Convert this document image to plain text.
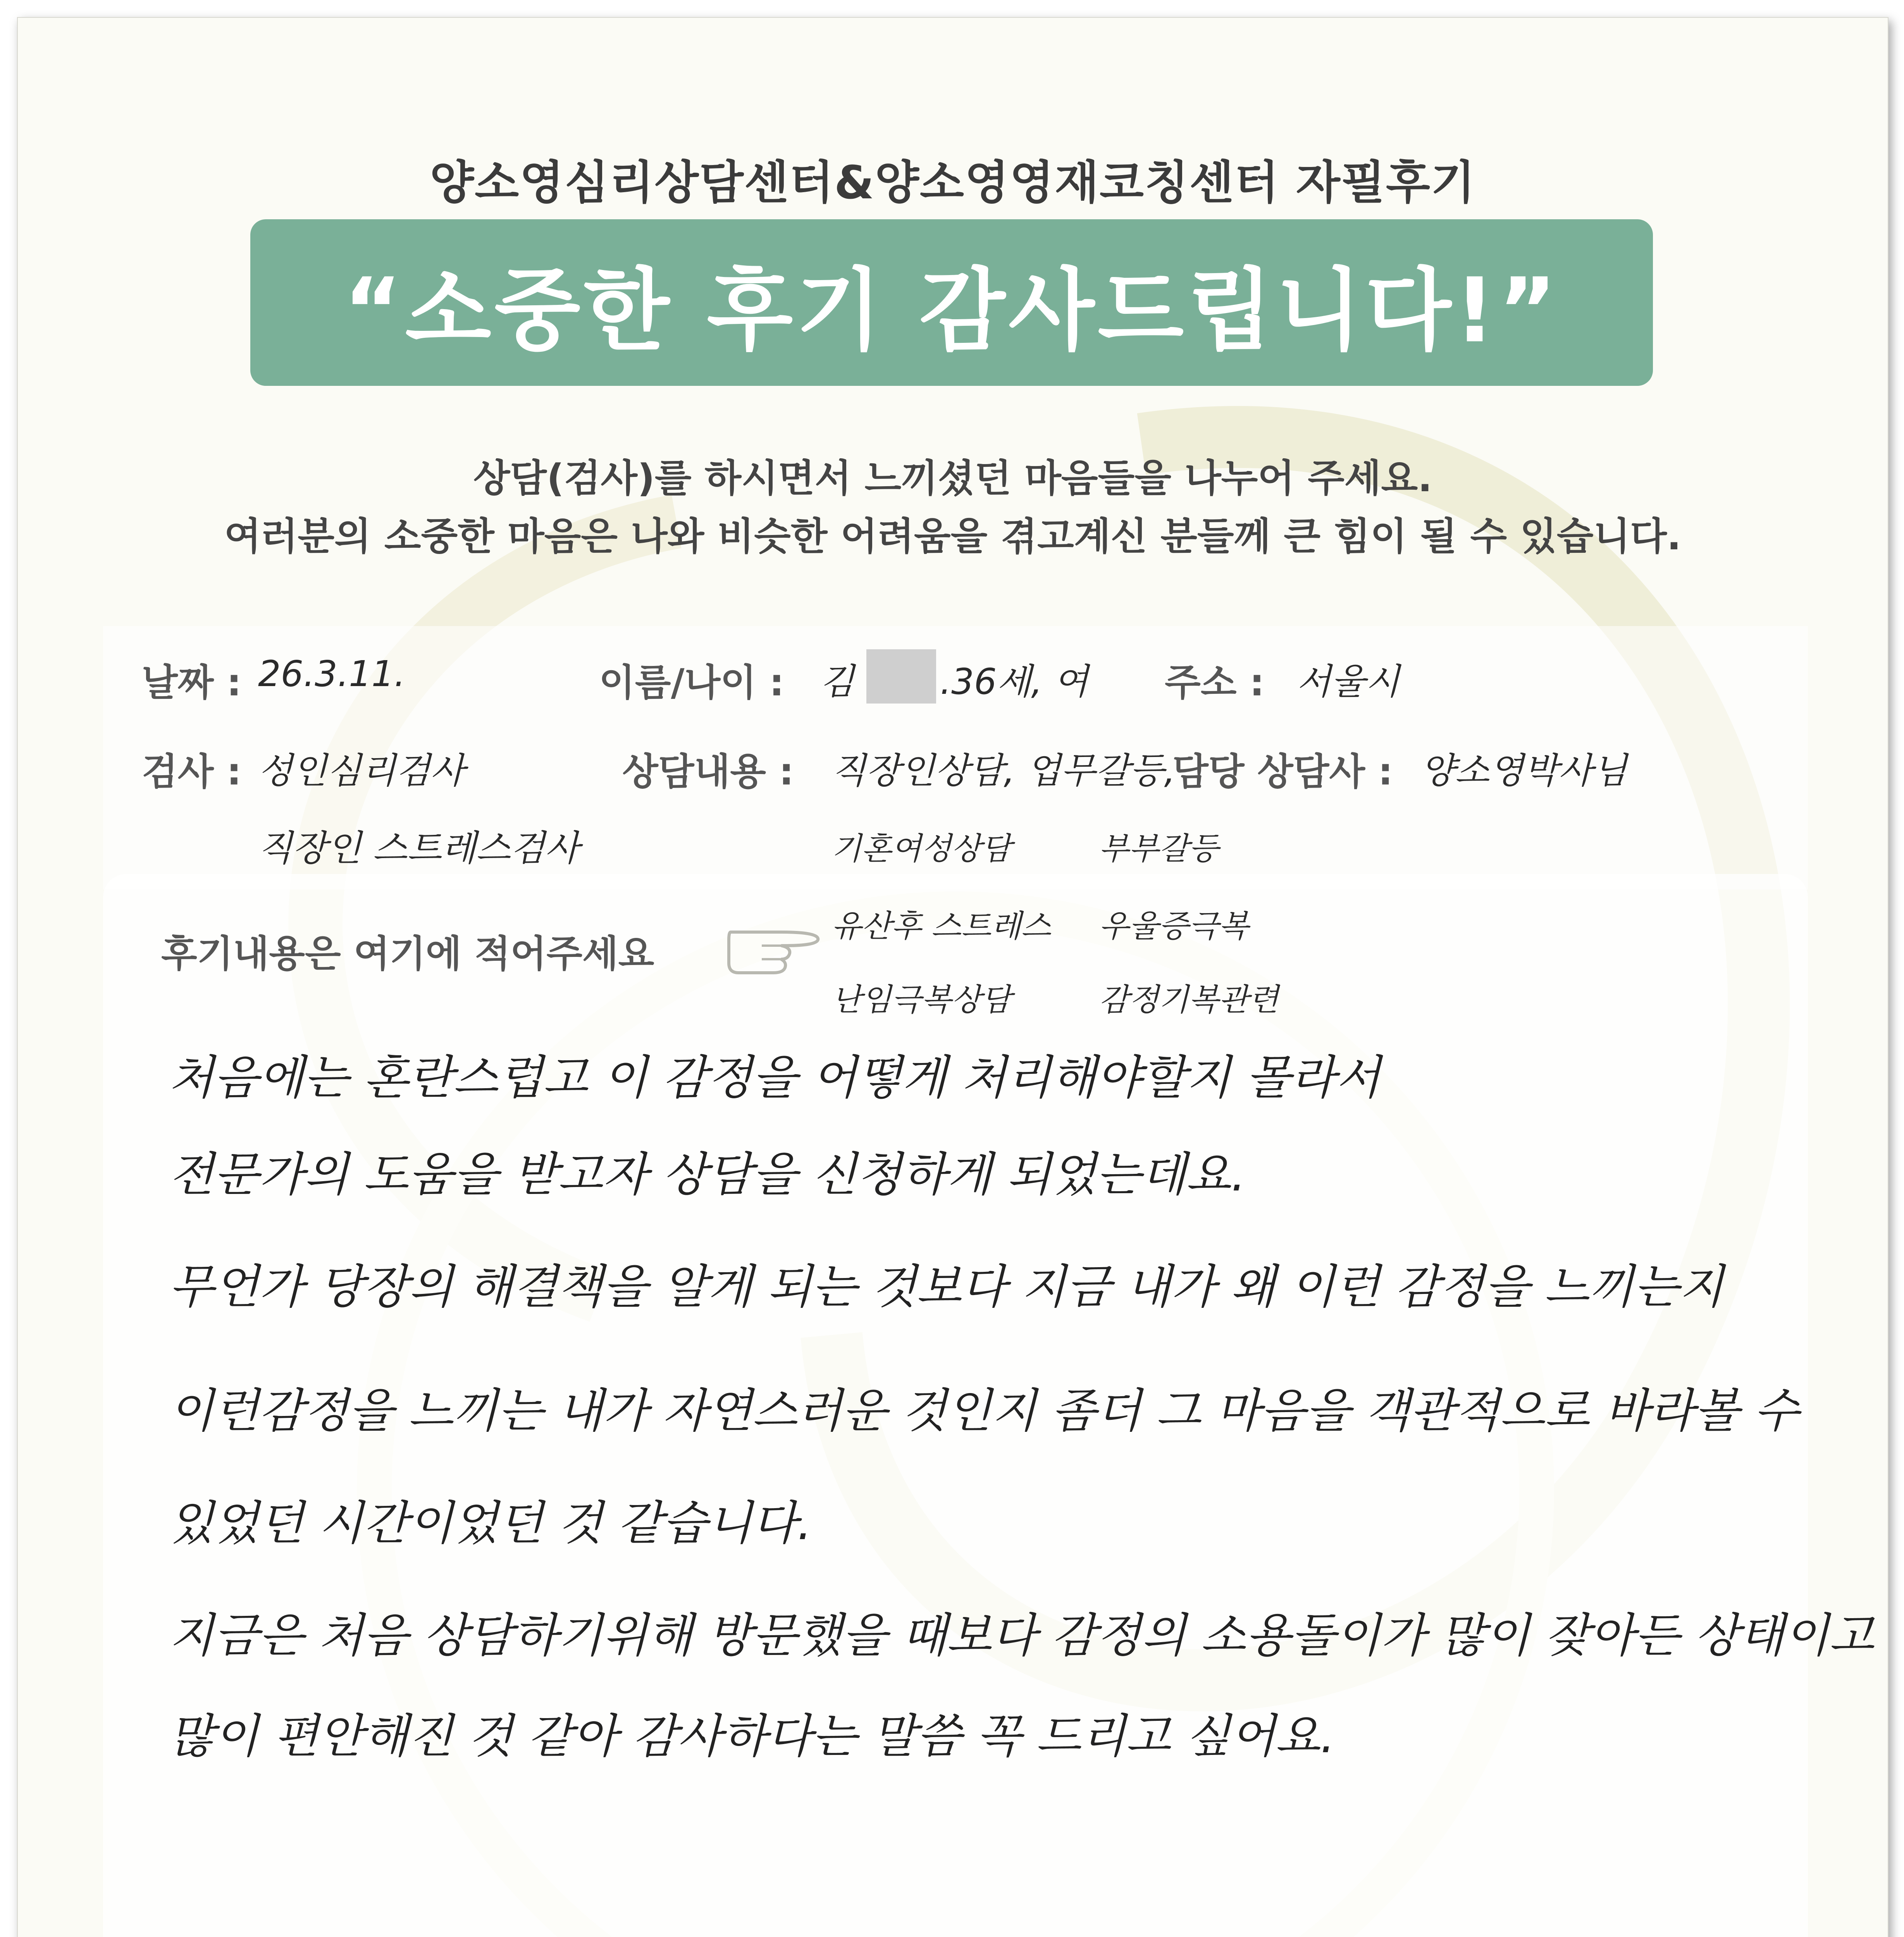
양소영심리상담센터&양소영영재코칭센터 자필후기
“소중한 후기 감사드립니다!”
상담(검사)를 하시면서 느끼셨던 마음들을 나누어 주세요.
여러분의 소중한 마음은 나와 비슷한 어려움을 겪고계신 분들께 큰 힘이 될 수 있습니다.
날짜 : 26.3.11.	이름/나이 : 김 .36세, 여 주소 : 서울시
검사 : 성인심리검사
직장인 스트레스검사
상담내용 : 직장인상담, 업무갈등,
담당 상담사 : 양소영박사님
기혼여성상담	부부갈등
유산후 스트레스 우울증극복
난임극복상담	감정기복관련
후기내용은 여기에 적어주세요
처음에는 혼란스럽고 이 감정을 어떻게 처리해야할지 몰라서
전문가의 도움을 받고자 상담을 신청하게 되었는데요.
무언가 당장의 해결책을 알게 되는 것보다 지금 내가 왜 이런 감정을 느끼는지
이런감정을 느끼는 내가 자연스러운 것인지 좀더 그 마음을 객관적으로 바라볼 수
있었던 시간이었던 것 같습니다.
지금은 처음 상담하기위해 방문했을 때보다 감정의 소용돌이가 많이 잦아든 상태이고
많이 편안해진 것 같아 감사하다는 말씀 꼭 드리고 싶어요.
